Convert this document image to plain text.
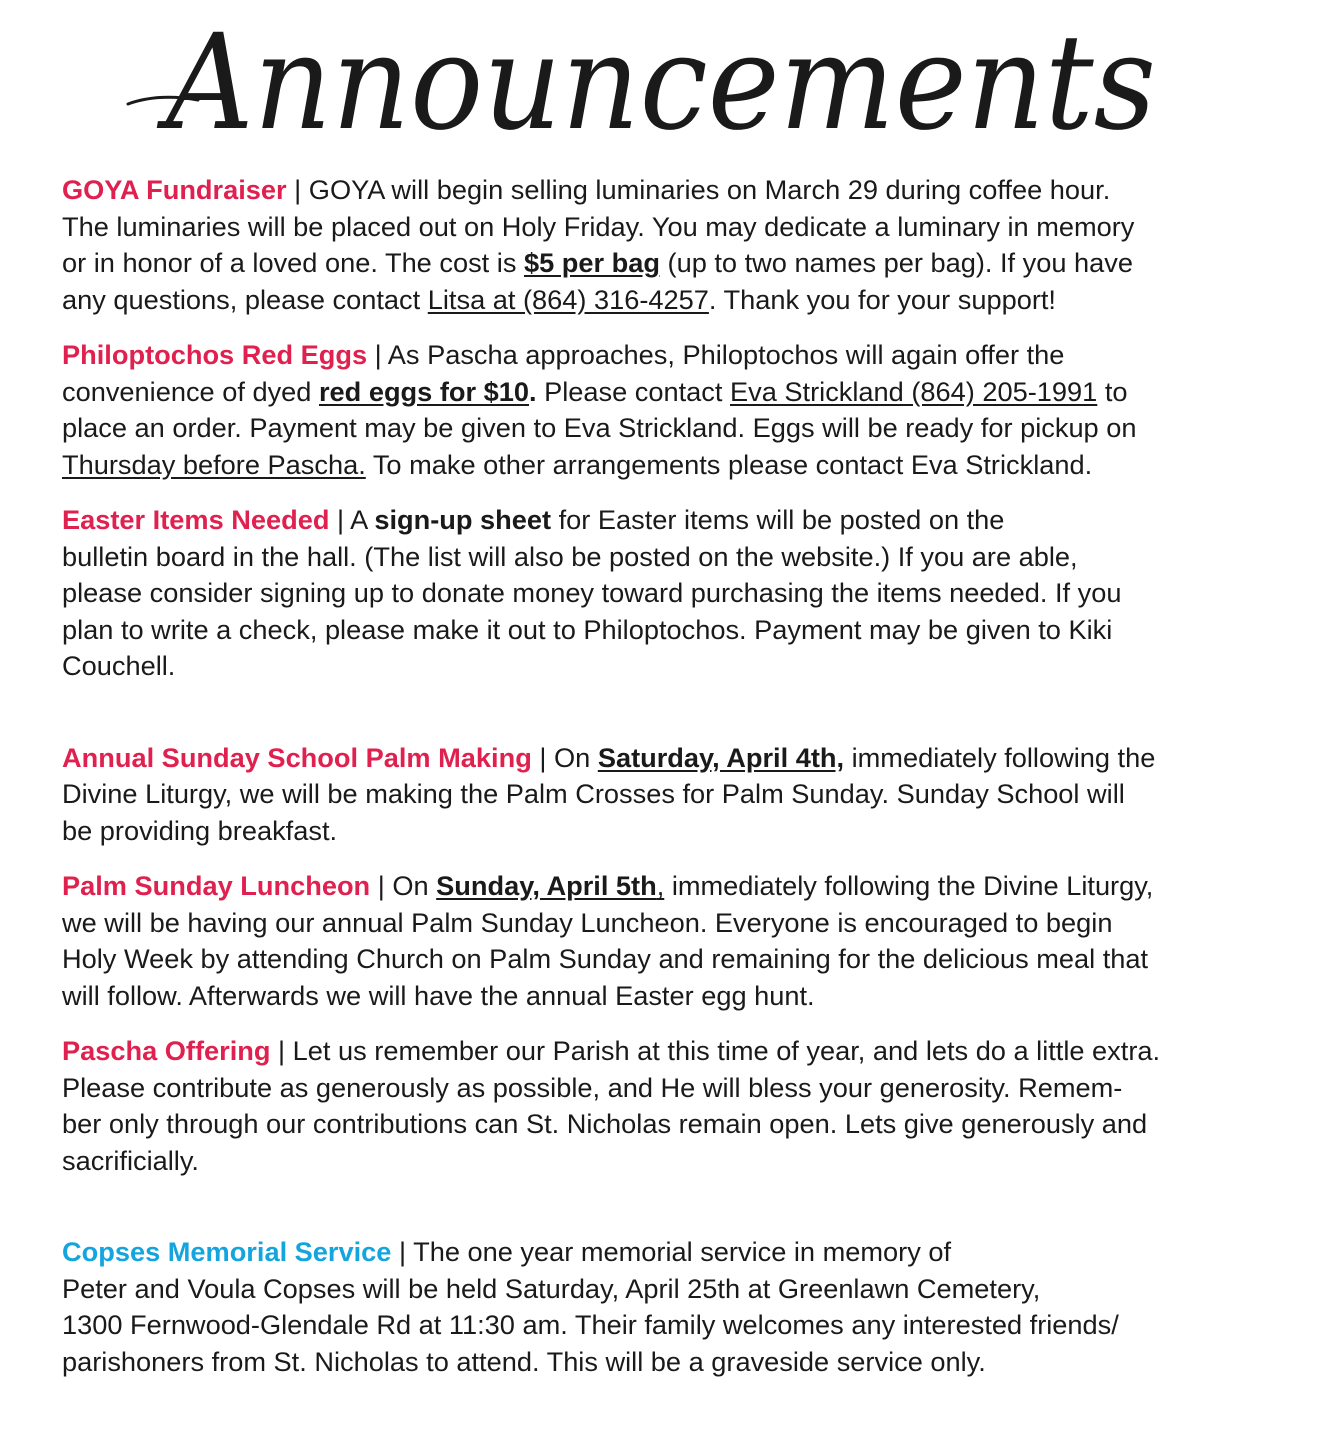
Announcements
GOYA Fundraiser | GOYA will begin selling luminaries on March 29 during coffee hour.
The luminaries will be placed out on Holy Friday. You may dedicate a luminary in memory
or in honor of a loved one. The cost is $5 per bag (up to two names per bag). If you have
any questions, please contact Litsa at (864) 316-4257. Thank you for your support!
Philoptochos Red Eggs | As Pascha approaches, Philoptochos will again offer the
convenience of dyed red eggs for $10. Please contact Eva Strickland (864) 205-1991 to
place an order. Payment may be given to Eva Strickland. Eggs will be ready for pickup on
Thursday before Pascha. To make other arrangements please contact Eva Strickland.
Easter Items Needed | A sign-up sheet for Easter items will be posted on the
bulletin board in the hall. (The list will also be posted on the website.) If you are able,
please consider signing up to donate money toward purchasing the items needed. If you
plan to write a check, please make it out to Philoptochos. Payment may be given to Kiki
Couchell.
Annual Sunday School Palm Making | On Saturday, April 4th, immediately following the
Divine Liturgy, we will be making the Palm Crosses for Palm Sunday. Sunday School will
be providing breakfast.
Palm Sunday Luncheon | On Sunday, April 5th, immediately following the Divine Liturgy,
we will be having our annual Palm Sunday Luncheon. Everyone is encouraged to begin
Holy Week by attending Church on Palm Sunday and remaining for the delicious meal that
will follow. Afterwards we will have the annual Easter egg hunt.
Pascha Offering | Let us remember our Parish at this time of year, and lets do a little extra.
Please contribute as generously as possible, and He will bless your generosity. Remem-
ber only through our contributions can St. Nicholas remain open. Lets give generously and
sacrificially.
Copses Memorial Service | The one year memorial service in memory of
Peter and Voula Copses will be held Saturday, April 25th at Greenlawn Cemetery,
1300 Fernwood-Glendale Rd at 11:30 am. Their family welcomes any interested friends/
parishoners from St. Nicholas to attend. This will be a graveside service only.
